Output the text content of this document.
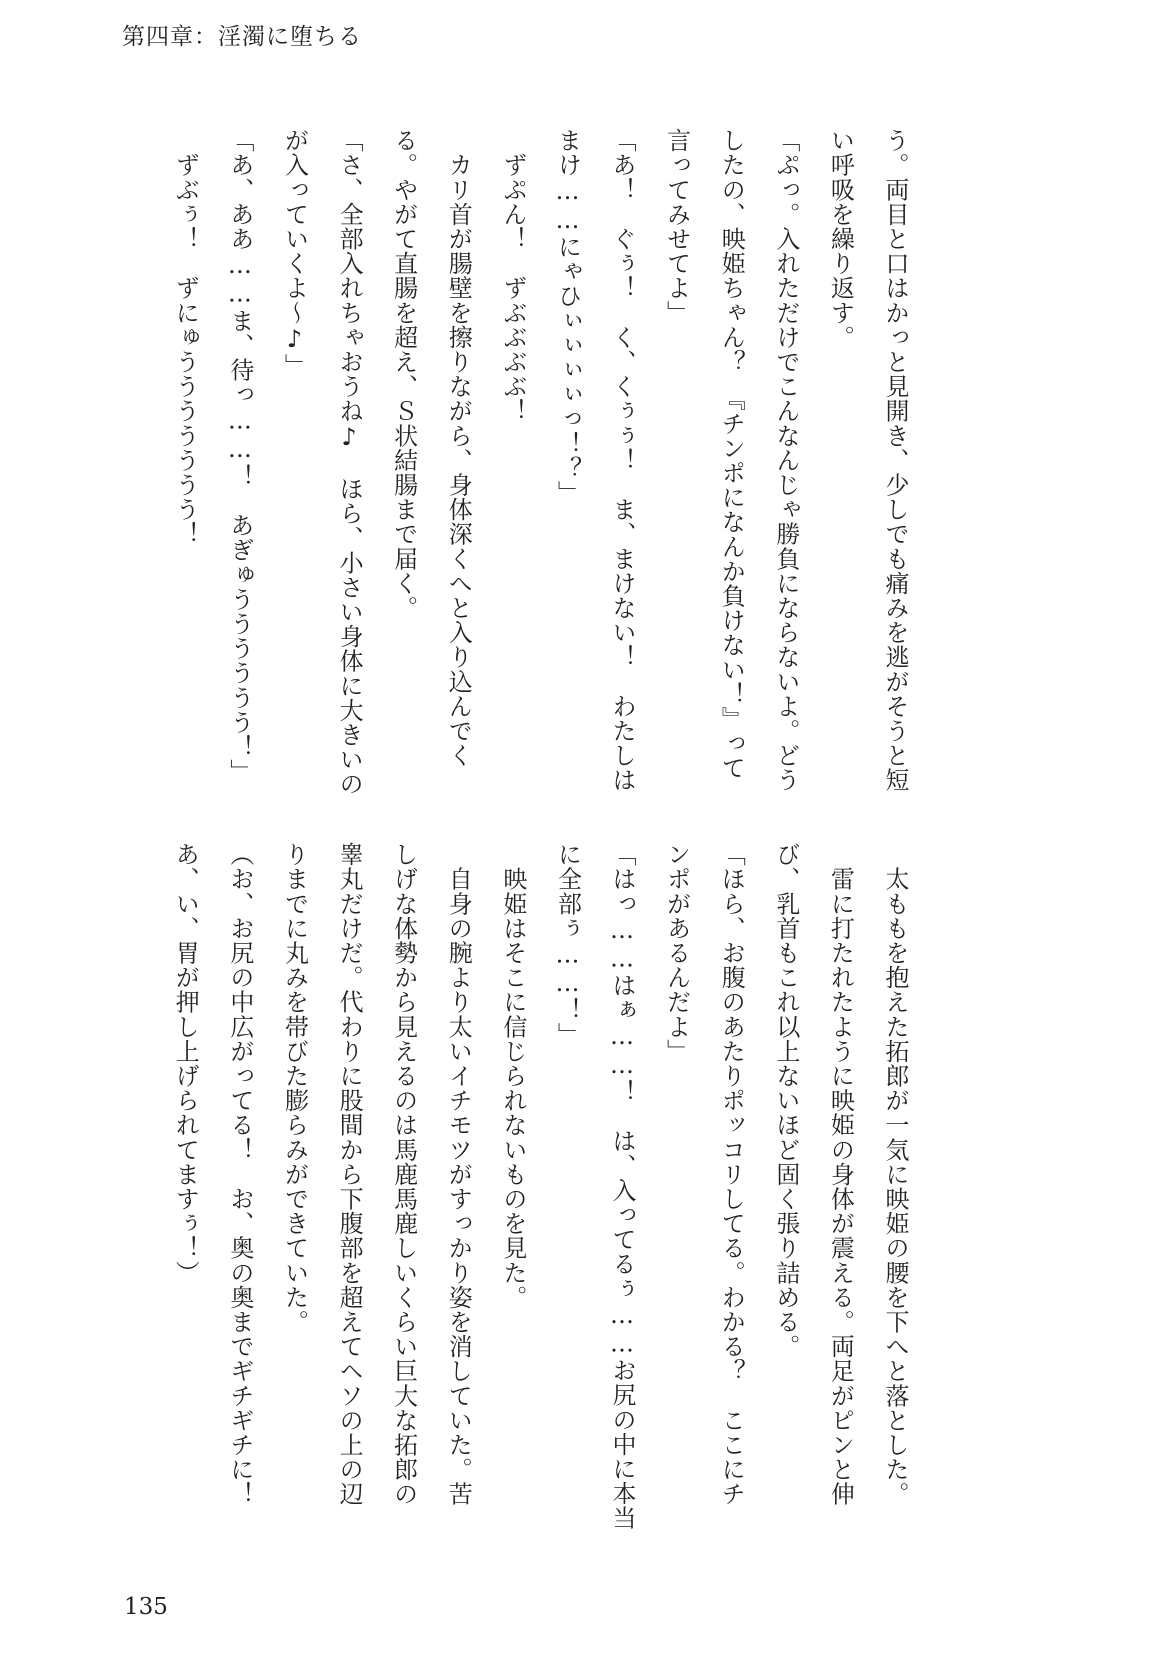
第四章：淫濁に堕ちる
う。両目と口はかっと見開き、少しでも痛みを逃がそうと短
い呼吸を繰り返す。
「ぷっ。入れただけでこんなんじゃ勝負にならないよ。どう
したの、映姫ちゃん？　『チンポになんか負けない！』って
言ってみせてよ」
「あ！　ぐぅ！　く、くぅぅ！　ま、まけない！　わたしは
まけ……にゃひぃぃぃぃっ！？」
　ずぷん！　ずぶぶぶぶ！
　カリ首が腸壁を擦りながら、身体深くへと入り込んでく
る。やがて直腸を超え、Ｓ状結腸まで届く。
「さ、全部入れちゃおうね♪　ほら、小さい身体に大きいの
が入っていくよ～♪」
「あ、ああ……ま、待っ……！　あぎゅうううううう！」
　ずぶぅ！　ずにゅううううううう！
　太ももを抱えた拓郎が一気に映姫の腰を下へと落とした。
　雷に打たれたように映姫の身体が震える。両足がピンと伸
び、乳首もこれ以上ないほど固く張り詰める。
「ほら、お腹のあたりポッコリしてる。わかる？　ここにチ
ンポがあるんだよ」
「はっ……はぁ……！　は、入ってるぅ……お尻の中に本当
に全部ぅ……！」
　映姫はそこに信じられないものを見た。
　自身の腕より太いイチモツがすっかり姿を消していた。苦
しげな体勢から見えるのは馬鹿馬鹿しいくらい巨大な拓郎の
睾丸だけだ。代わりに股間から下腹部を超えてヘソの上の辺
りまでに丸みを帯びた膨らみができていた。
（お、お尻の中広がってる！　お、奥の奥までギチギチに！
あ、い、胃が押し上げられてますぅ！）
135
